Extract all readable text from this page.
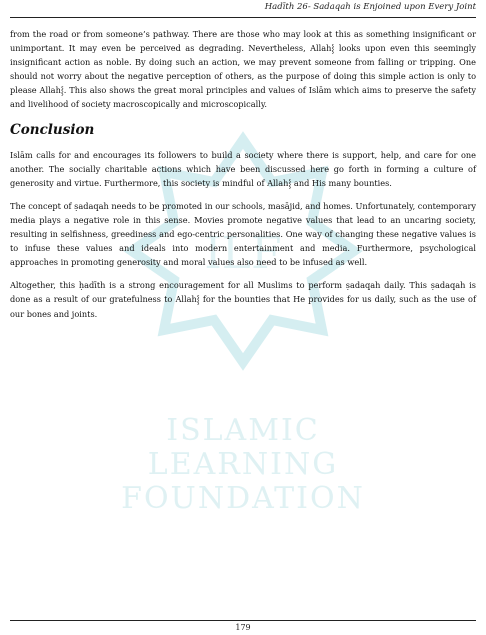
ILF
ISLAMIC
LEARNING
FOUNDATION
Hadīth 26- Sadaqah is Enjoined upon Every Joint

from the road or from someone’s pathway. There are those who may look at this as something insignificant or unimportant. It may even be perceived as degrading. Nevertheless, Allah⸾ looks upon even this seemingly insignificant action as noble. By doing such an action, we may prevent someone from falling or tripping. One should not worry about the negative perception of others, as the purpose of doing this simple action is only to please Allah⸾. This also shows the great moral principles and values of Islām which aims to preserve the safety and livelihood of society macroscopically and microscopically.

Conclusion

Islām calls for and encourages its followers to build a society where there is support, help, and care for one another. The socially charitable actions which have been discussed here go forth in forming a culture of generosity and virtue. Furthermore, this society is mindful of Allah⸾ and His many bounties.

The concept of ṣadaqah needs to be promoted in our schools, masājid, and homes. Unfortunately, contemporary media plays a negative role in this sense. Movies promote negative values that lead to an uncaring society, resulting in selfishness, greediness and ego-centric personalities. One way of changing these negative values is to infuse these values and ideals into modern entertainment and media. Furthermore, psychological approaches in promoting generosity and moral values also need to be infused as well.

Altogether, this ḥadīth is a strong encouragement for all Muslims to perform ṣadaqah daily. This ṣadaqah is done as a result of our gratefulness to Allah⸾ for the bounties that He provides for us daily, such as the use of our bones and joints.

179
